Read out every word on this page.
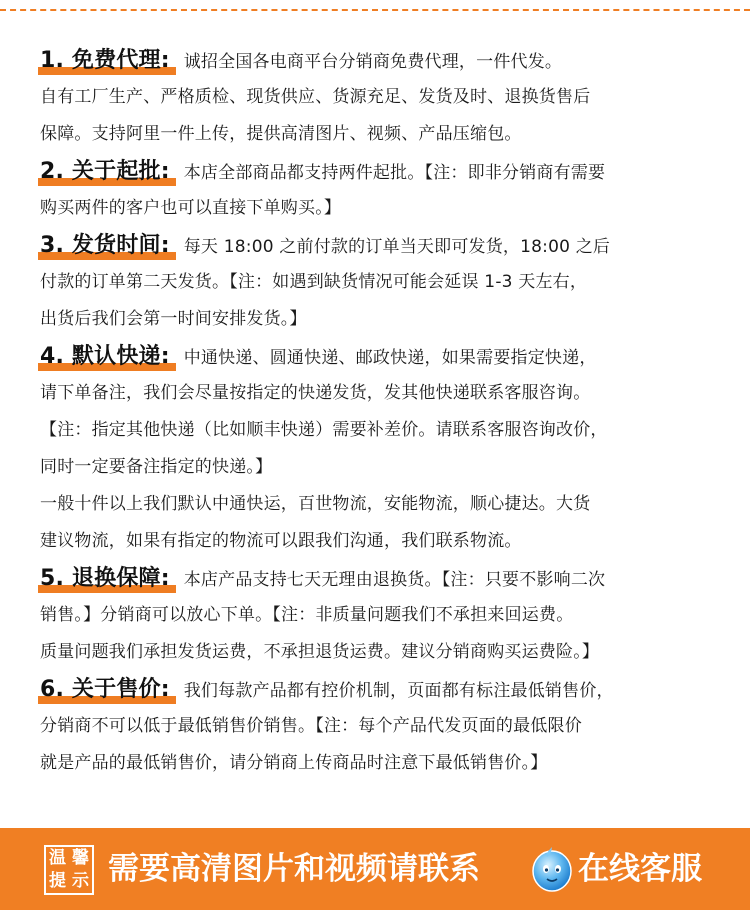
1. 免费代理: 诚招全国各电商平台分销商免费代理，一件代发。
自有工厂生产、严格质检、现货供应、货源充足、发货及时、退换货售后
保障。支持阿里一件上传，提供高清图片、视频、产品压缩包。
2. 关于起批: 本店全部商品都支持两件起批。【注：即非分销商有需要
购买两件的客户也可以直接下单购买。】
3. 发货时间: 每天 18:00 之前付款的订单当天即可发货，18:00 之后
付款的订单第二天发货。【注：如遇到缺货情况可能会延误 1-3 天左右，
出货后我们会第一时间安排发货。】
4. 默认快递: 中通快递、圆通快递、邮政快递，如果需要指定快递，
请下单备注，我们会尽量按指定的快递发货，发其他快递联系客服咨询。
【注：指定其他快递（比如顺丰快递）需要补差价。请联系客服咨询改价，
同时一定要备注指定的快递。】
一般十件以上我们默认中通快运，百世物流，安能物流，顺心捷达。大货
建议物流，如果有指定的物流可以跟我们沟通，我们联系物流。
5. 退换保障: 本店产品支持七天无理由退换货。【注：只要不影响二次
销售。】分销商可以放心下单。【注：非质量问题我们不承担来回运费。
质量问题我们承担发货运费，不承担退货运费。建议分销商购买运费险。】
6. 关于售价: 我们每款产品都有控价机制，页面都有标注最低销售价，
分销商不可以低于最低销售价销售。【注：每个产品代发页面的最低限价
就是产品的最低销售价，请分销商上传商品时注意下最低销售价。】
温 馨
提 示 需要高清图片和视频请联系	在线客服
